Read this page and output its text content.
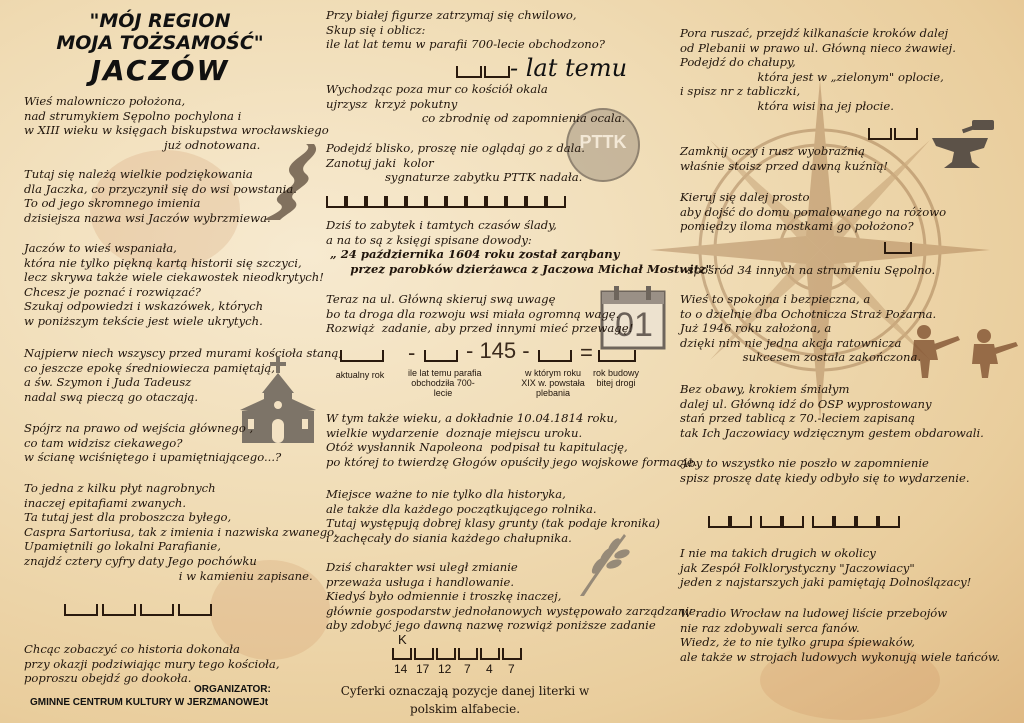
PTTK
01
"MÓJ REGION
MOJA TOŻSAMOŚĆ"
JACZÓW
Wieś malowniczo położona,
nad strumykiem Sępolno pochylona i
w XIII wieku w księgach biskupstwa wrocławskiego
już odnotowana.
Tutaj się należą wielkie podziękowania
dla Jaczka, co przyczynił się do wsi powstania.
To od jego skromnego imienia
dzisiejsza nazwa wsi Jaczów wybrzmiewa.
Jaczów to wieś wspaniała,
która nie tylko piękną kartą historii się szczyci,
lecz skrywa także wiele ciekawostek nieodkrytych!
Chcesz je poznać i rozwiązać?
Szukaj odpowiedzi i wskazówek, których
w poniższym tekście jest wiele ukrytych.
Najpierw niech wszyscy przed murami kościoła staną,
co jeszcze epokę średniowiecza pamiętają,
a św. Szymon i Juda Tadeusz
nadal swą pieczą go otaczają.
Spójrz na prawo od wejścia głównego ,
co tam widzisz ciekawego?
w ścianę wciśniętego i upamiętniającego...?
To jedna z kilku płyt nagrobnych
inaczej epitafiami zwanych.
Ta tutaj jest dla proboszcza byłego,
Caspra Sartoriusa, tak z imienia i nazwiska zwanego.
Upamiętnili go lokalni Parafianie,
znajdź cztery cyfry daty Jego pochówku
i w kamieniu zapisane.
Chcąc zobaczyć co historia dokonała
przy okazji podziwiając mury tego kościoła,
poproszu obejdź go dookoła.
ORGANIZATOR:
GMINNE CENTRUM KULTURY W JERZMANOWEJt
Przy białej figurze zatrzymaj się chwilowo,
Skup się i oblicz:
ile lat lat temu w parafii 700-lecie obchodzono?
- lat temu
Wychodząc poza mur co kościół okala
ujrzysz  krzyż pokutny
co zbrodnię od zapomnienia ocala.
Podejdź blisko, proszę nie oglądaj go z dala.
Zanotuj jaki  kolor
sygnaturze zabytku PTTK nadała.
Dziś to zabytek i tamtych czasów ślady,
a na to są z księgi spisane dowody:
„ 24 października 1604 roku został zarąbany
przez parobków dzierżawca z Jaczowa Michał Mostwitz"
Teraz na ul. Główną skieruj swą uwagę
bo ta droga dla rozwoju wsi miała ogromną wagę.
Rozwiąż  zadanie, aby przed innymi mieć przewagę!
- - 145 - =
aktualny rok	ile lat temu parafia
obchodziła 700-
lecie
w którym roku
XIX w. powstała
plebania
rok budowy
bitej drogi
W tym także wieku, a dokładnie 10.04.1814 roku,
wielkie wydarzenie  doznaje miejscu uroku.
Otóż wysłannik Napoleona  podpisał tu kapitulację,
po której to twierdzę Głogów opuściły jego wojskowe formacje.
Miejsce ważne to nie tylko dla historyka,
ale także dla każdego początkującego rolnika.
Tutaj występują dobrej klasy grunty (tak podaje kronika)
i zachęcały do siania każdego chałupnika.
Dziś charakter wsi uległ zmianie
przeważa usługa i handlowanie.
Kiedyś było odmiennie i troszkę inaczej,
głównie gospodarstw jednołanowych występowało zarządzanie,
aby zdobyć jego dawną nazwę rozwiąż poniższe zadanie
K
14 17 12 7 4 7
Cyferki oznaczają pozycje danej literki w
polskim alfabecie.
Pora ruszać, przejdź kilkanaście kroków dalej
od Plebanii w prawo ul. Główną nieco żwawiej.
Podejdź do chałupy,
która jest w „zielonym" oplocie,
i spisz nr z tabliczki,
która wisi na jej płocie.
Zamknij oczy i rusz wyobraźnią
właśnie stoisz przed dawną kuźnią!
Kieruj się dalej prosto
aby dojść do domu pomalowanego na różowo
pomiędzy iloma mostkami go położono?
- spośród 34 innych na strumieniu Sępolno.
Wieś to spokojna i bezpieczna, a
to o dzielnie dba Ochotnicza Straż Pożarna.
Już 1946 roku założona, a
dzięki nim nie jedna akcja ratownicza
sukcesem została zakończona.
Bez obawy, krokiem śmiałym
dalej ul. Główną idź do OSP wyprostowany
stań przed tablicą z 70.-leciem zapisaną
tak Ich Jaczowiacy wdzięcznym gestem obdarowali.
Aby to wszystko nie poszło w zapomnienie
spisz proszę datę kiedy odbyło się to wydarzenie.
I nie ma takich drugich w okolicy
jak Zespół Folklorystyczny "Jaczowiacy"
jeden z najstarszych jaki pamiętają Dolnoślązacy!
W radio Wrocław na ludowej liście przebojów
nie raz zdobywali serca fanów.
Wiedz, że to nie tylko grupa śpiewaków,
ale także w strojach ludowych wykonują wiele tańców.
